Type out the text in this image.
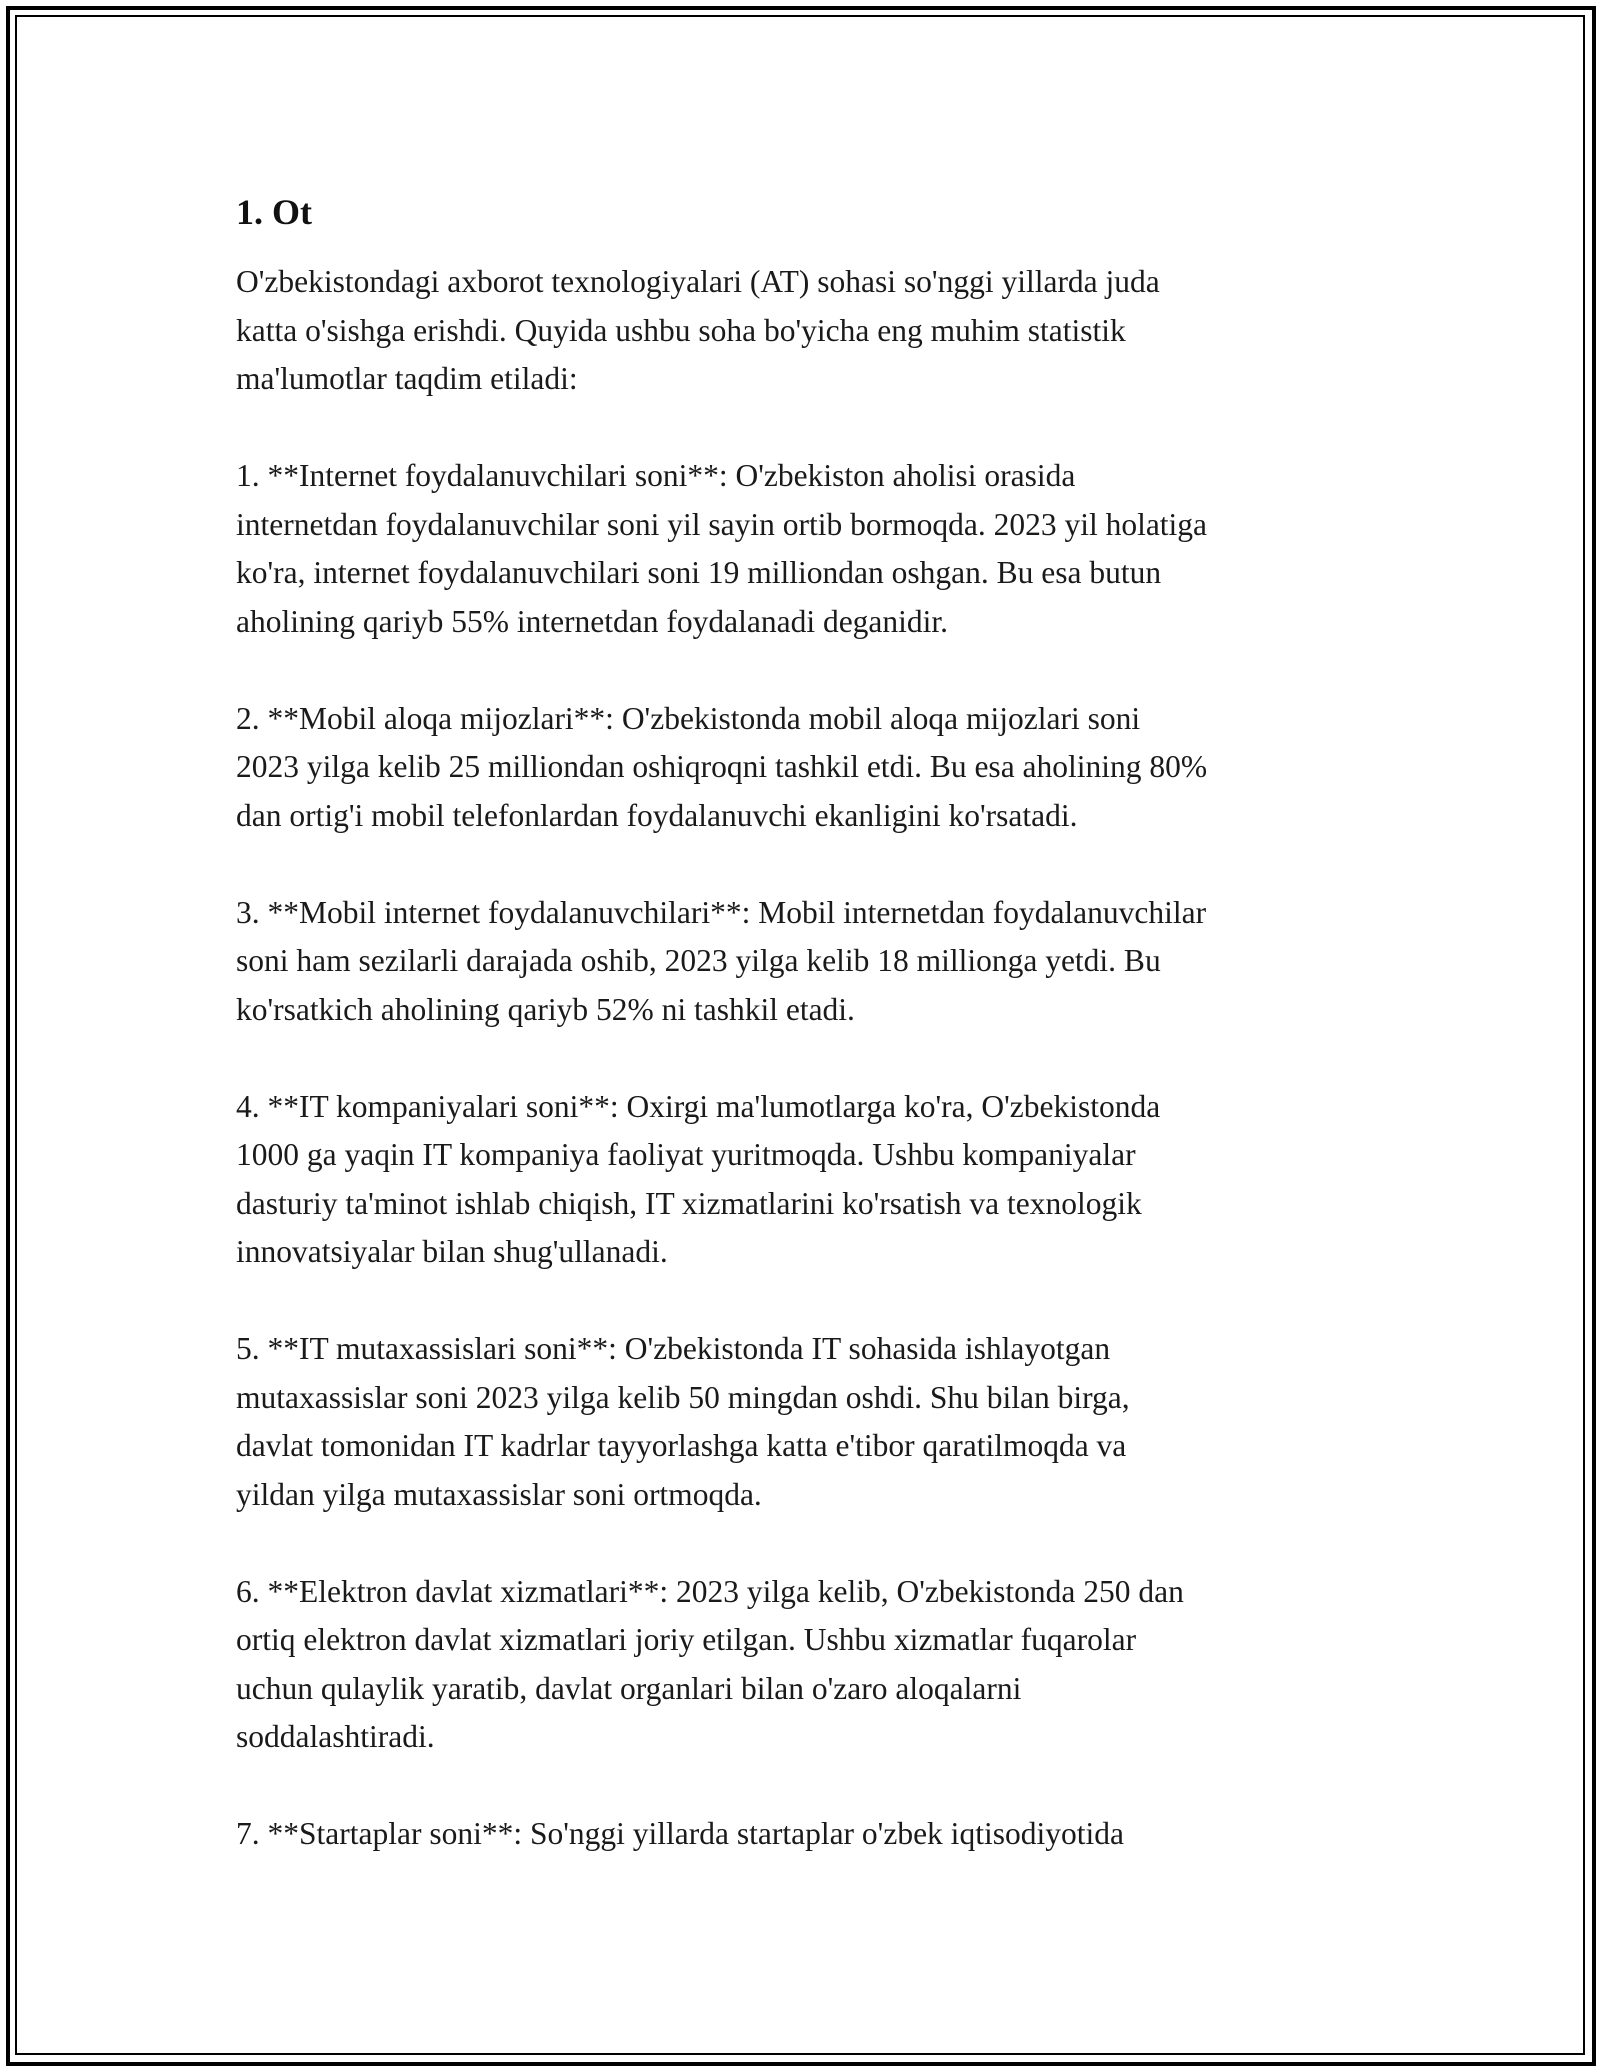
1. Ot
O'zbekistondagi axborot texnologiyalari (AT) sohasi so'nggi yillarda juda
katta o'sishga erishdi. Quyida ushbu soha bo'yicha eng muhim statistik
ma'lumotlar taqdim etiladi:
1. **Internet foydalanuvchilari soni**: O'zbekiston aholisi orasida
internetdan foydalanuvchilar soni yil sayin ortib bormoqda. 2023 yil holatiga
ko'ra, internet foydalanuvchilari soni 19 milliondan oshgan. Bu esa butun
aholining qariyb 55% internetdan foydalanadi deganidir.
2. **Mobil aloqa mijozlari**: O'zbekistonda mobil aloqa mijozlari soni
2023 yilga kelib 25 milliondan oshiqroqni tashkil etdi. Bu esa aholining 80%
dan ortig'i mobil telefonlardan foydalanuvchi ekanligini ko'rsatadi.
3. **Mobil internet foydalanuvchilari**: Mobil internetdan foydalanuvchilar
soni ham sezilarli darajada oshib, 2023 yilga kelib 18 millionga yetdi. Bu
ko'rsatkich aholining qariyb 52% ni tashkil etadi.
4. **IT kompaniyalari soni**: Oxirgi ma'lumotlarga ko'ra, O'zbekistonda
1000 ga yaqin IT kompaniya faoliyat yuritmoqda. Ushbu kompaniyalar
dasturiy ta'minot ishlab chiqish, IT xizmatlarini ko'rsatish va texnologik
innovatsiyalar bilan shug'ullanadi.
5. **IT mutaxassislari soni**: O'zbekistonda IT sohasida ishlayotgan
mutaxassislar soni 2023 yilga kelib 50 mingdan oshdi. Shu bilan birga,
davlat tomonidan IT kadrlar tayyorlashga katta e'tibor qaratilmoqda va
yildan yilga mutaxassislar soni ortmoqda.
6. **Elektron davlat xizmatlari**: 2023 yilga kelib, O'zbekistonda 250 dan
ortiq elektron davlat xizmatlari joriy etilgan. Ushbu xizmatlar fuqarolar
uchun qulaylik yaratib, davlat organlari bilan o'zaro aloqalarni
soddalashtiradi.
7. **Startaplar soni**: So'nggi yillarda startaplar o'zbek iqtisodiyotida
